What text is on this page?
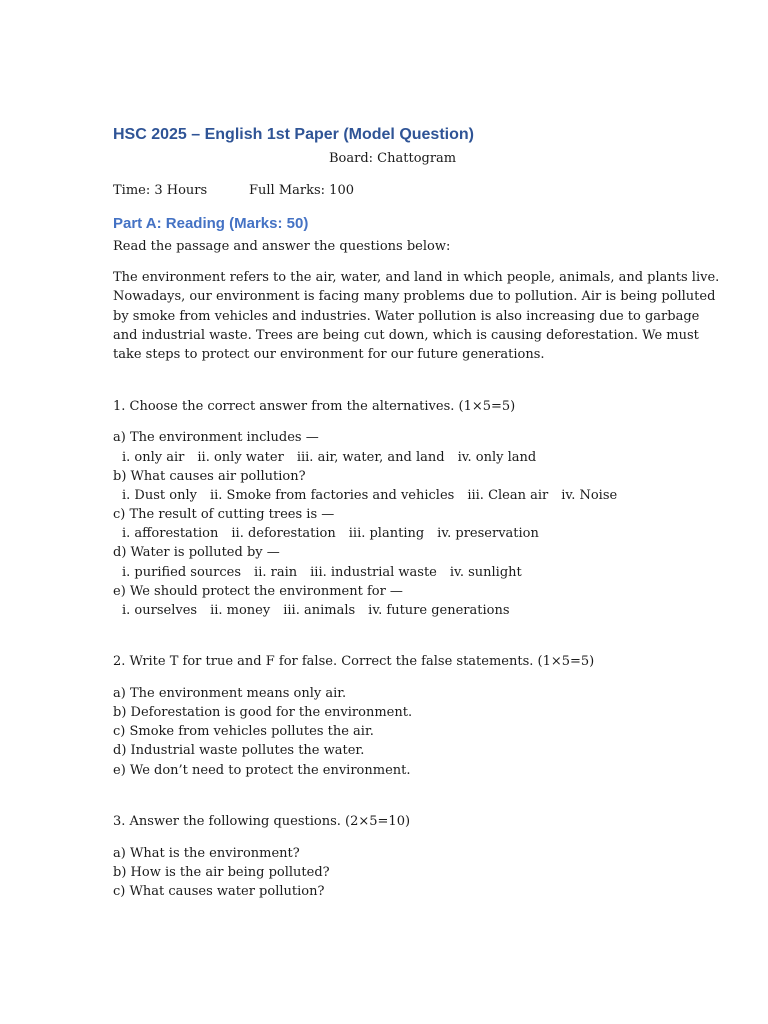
HSC 2025 – English 1st Paper (Model Question)
Board: Chattogram
Time: 3 Hours	Full Marks: 100
Part A: Reading (Marks: 50)
Read the passage and answer the questions below:
The environment refers to the air, water, and land in which people, animals, and plants live.
Nowadays, our environment is facing many problems due to pollution. Air is being polluted
by smoke from vehicles and industries. Water pollution is also increasing due to garbage
and industrial waste. Trees are being cut down, which is causing deforestation. We must
take steps to protect our environment for our future generations.
1. Choose the correct answer from the alternatives. (1×5=5)
a) The environment includes —
i. only air ii. only water iii. air, water, and land iv. only land
b) What causes air pollution?
i. Dust only ii. Smoke from factories and vehicles iii. Clean air iv. Noise
c) The result of cutting trees is —
i. afforestation ii. deforestation iii. planting iv. preservation
d) Water is polluted by —
i. purified sources ii. rain iii. industrial waste iv. sunlight
e) We should protect the environment for —
i. ourselves ii. money iii. animals iv. future generations
2. Write T for true and F for false. Correct the false statements. (1×5=5)
a) The environment means only air.
b) Deforestation is good for the environment.
c) Smoke from vehicles pollutes the air.
d) Industrial waste pollutes the water.
e) We don’t need to protect the environment.
3. Answer the following questions. (2×5=10)
a) What is the environment?
b) How is the air being polluted?
c) What causes water pollution?
